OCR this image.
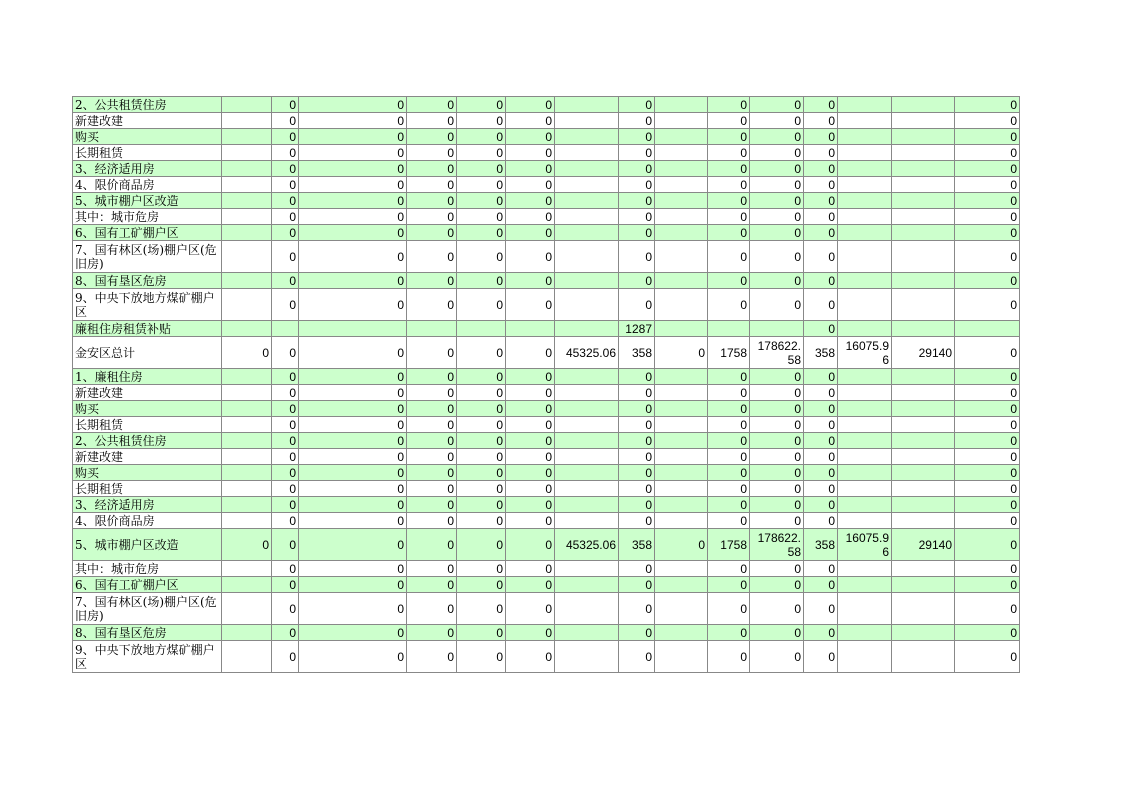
2、公共租赁住房		0	0	0	0	0		0		0	0	0			0
新建改建		0	0	0	0	0		0		0	0	0			0
购买		0	0	0	0	0		0		0	0	0			0
长期租赁		0	0	0	0	0		0		0	0	0			0
3、经济适用房		0	0	0	0	0		0		0	0	0			0
4、限价商品房		0	0	0	0	0		0		0	0	0			0
5、城市棚户区改造		0	0	0	0	0		0		0	0	0			0
其中：城市危房		0	0	0	0	0		0		0	0	0			0
6、国有工矿棚户区		0	0	0	0	0		0		0	0	0			0
7、国有林区(场)棚户区(危旧房)		0	0	0	0	0		0		0	0	0			0
8、国有垦区危房		0	0	0	0	0		0		0	0	0			0
9、中央下放地方煤矿棚户区		0	0	0	0	0		0		0	0	0			0
廉租住房租赁补贴								1287				0			
金安区总计	0	0	0	0	0	0	45325.06	358	0	1758	178622.58	358	16075.96	29140	0
1、廉租住房		0	0	0	0	0		0		0	0	0			0
新建改建		0	0	0	0	0		0		0	0	0			0
购买		0	0	0	0	0		0		0	0	0			0
长期租赁		0	0	0	0	0		0		0	0	0			0
2、公共租赁住房		0	0	0	0	0		0		0	0	0			0
新建改建		0	0	0	0	0		0		0	0	0			0
购买		0	0	0	0	0		0		0	0	0			0
长期租赁		0	0	0	0	0		0		0	0	0			0
3、经济适用房		0	0	0	0	0		0		0	0	0			0
4、限价商品房		0	0	0	0	0		0		0	0	0			0
5、城市棚户区改造	0	0	0	0	0	0	45325.06	358	0	1758	178622.58	358	16075.96	29140	0
其中：城市危房		0	0	0	0	0		0		0	0	0			0
6、国有工矿棚户区		0	0	0	0	0		0		0	0	0			0
7、国有林区(场)棚户区(危旧房)		0	0	0	0	0		0		0	0	0			0
8、国有垦区危房		0	0	0	0	0		0		0	0	0			0
9、中央下放地方煤矿棚户区		0	0	0	0	0		0		0	0	0			0
